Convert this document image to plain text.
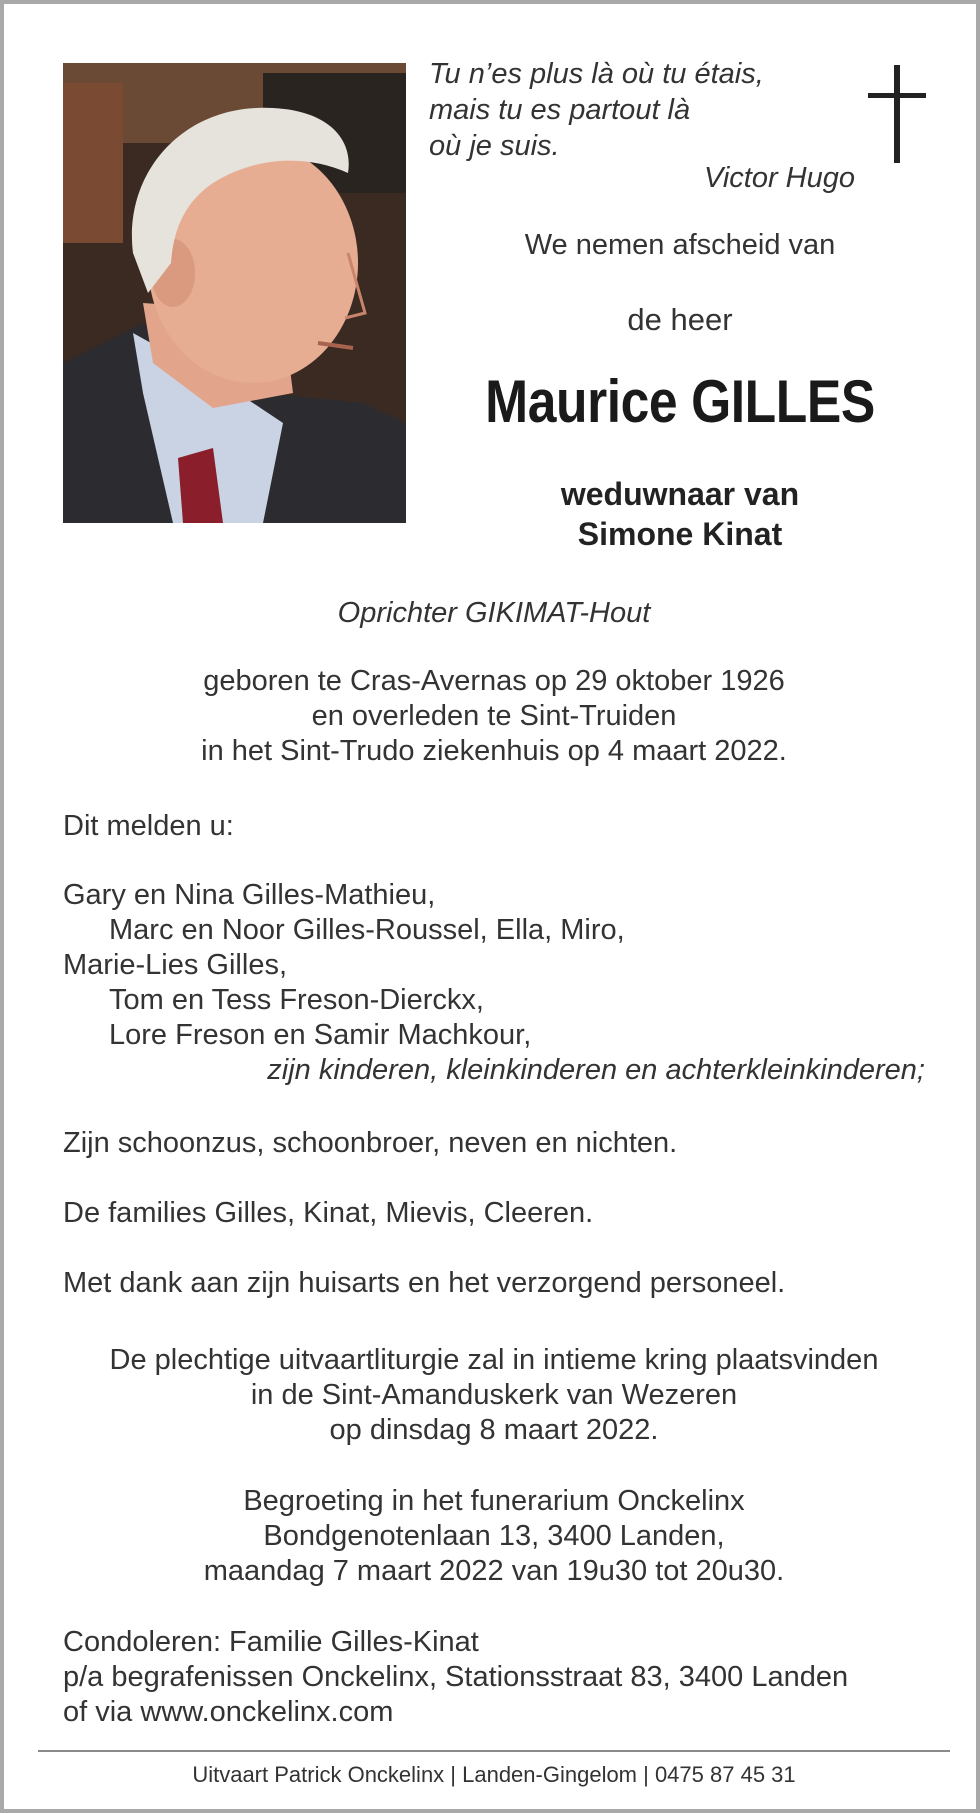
Tu n’es plus là où tu étais,
mais tu es partout là
où je suis.
Victor Hugo
We nemen afscheid van
de heer
Maurice GILLES
weduwnaar van
Simone Kinat
Oprichter GIKIMAT-Hout
geboren te Cras-Avernas op 29 oktober 1926
en overleden te Sint-Truiden
in het Sint-Trudo ziekenhuis op 4 maart 2022.
Dit melden u:
Gary en Nina Gilles-Mathieu,
Marc en Noor Gilles-Roussel, Ella, Miro,
Marie-Lies Gilles,
Tom en Tess Freson-Dierckx,
Lore Freson en Samir Machkour,
zijn kinderen, kleinkinderen en achterkleinkinderen;
Zijn schoonzus, schoonbroer, neven en nichten.
De families Gilles, Kinat, Mievis, Cleeren.
Met dank aan zijn huisarts en het verzorgend personeel.
De plechtige uitvaartliturgie zal in intieme kring plaatsvinden
in de Sint-Amanduskerk van Wezeren
op dinsdag 8 maart 2022.
Begroeting in het funerarium Onckelinx
Bondgenotenlaan 13, 3400 Landen,
maandag 7 maart 2022 van 19u30 tot 20u30.
Condoleren: Familie Gilles-Kinat
p/a begrafenissen Onckelinx, Stationsstraat 83, 3400 Landen
of via www.onckelinx.com
Uitvaart Patrick Onckelinx | Landen-Gingelom | 0475 87 45 31
